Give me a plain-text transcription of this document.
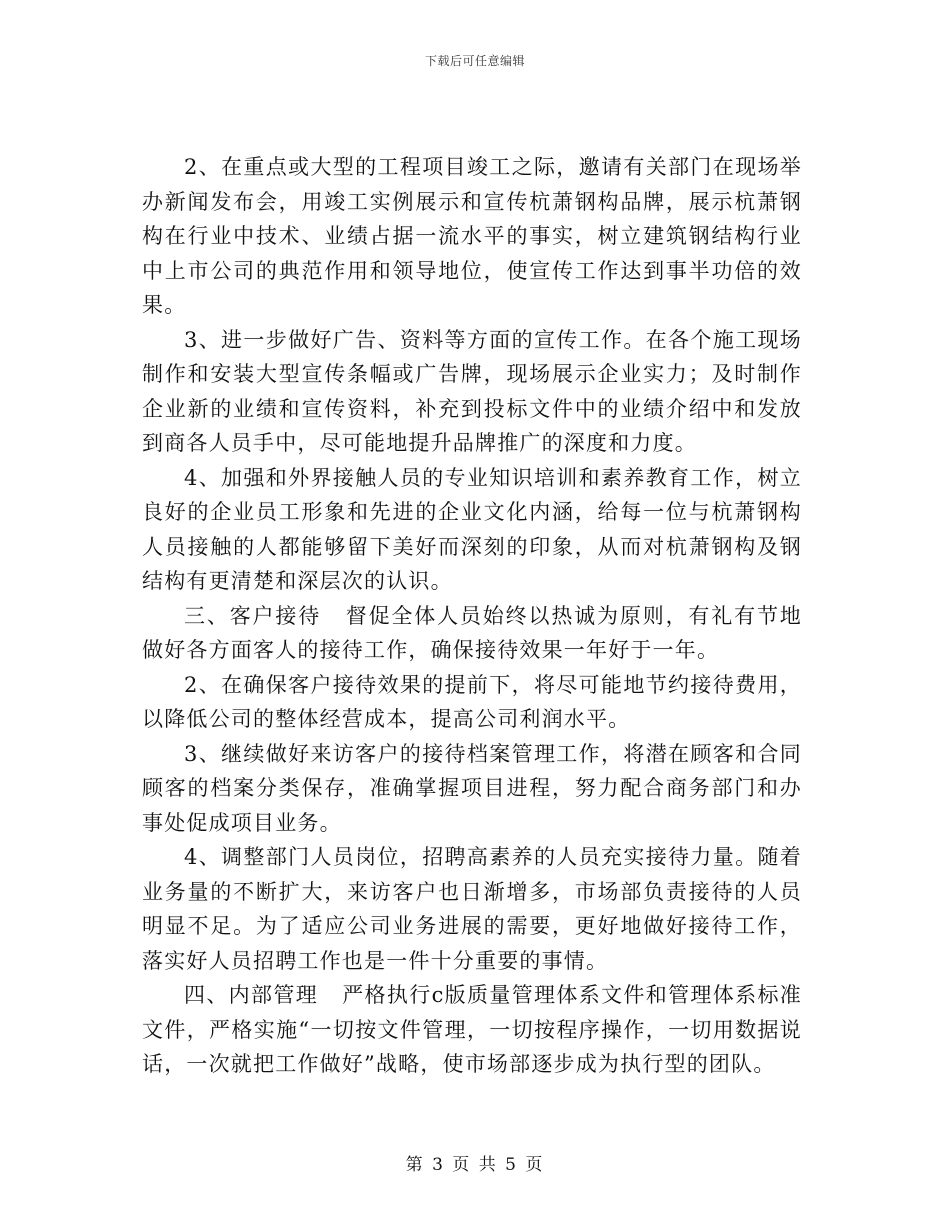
下载后可任意编辑

2、在重点或大型的工程项目竣工之际，邀请有关部门在现场举办新闻发布会，用竣工实例展示和宣传杭萧钢构品牌，展示杭萧钢构在行业中技术、业绩占据一流水平的事实，树立建筑钢结构行业中上市公司的典范作用和领导地位，使宣传工作达到事半功倍的效果。

3、进一步做好广告、资料等方面的宣传工作。在各个施工现场制作和安装大型宣传条幅或广告牌，现场展示企业实力；及时制作企业新的业绩和宣传资料，补充到投标文件中的业绩介绍中和发放到商各人员手中，尽可能地提升品牌推广的深度和力度。

4、加强和外界接触人员的专业知识培训和素养教育工作，树立良好的企业员工形象和先进的企业文化内涵，给每一位与杭萧钢构人员接触的人都能够留下美好而深刻的印象，从而对杭萧钢构及钢结构有更清楚和深层次的认识。

三、客户接待 督促全体人员始终以热诚为原则，有礼有节地做好各方面客人的接待工作，确保接待效果一年好于一年。

2、在确保客户接待效果的提前下，将尽可能地节约接待费用，以降低公司的整体经营成本，提高公司利润水平。

3、继续做好来访客户的接待档案管理工作，将潜在顾客和合同顾客的档案分类保存，准确掌握项目进程，努力配合商务部门和办事处促成项目业务。

4、调整部门人员岗位，招聘高素养的人员充实接待力量。随着业务量的不断扩大，来访客户也日渐增多，市场部负责接待的人员明显不足。为了适应公司业务进展的需要，更好地做好接待工作，落实好人员招聘工作也是一件十分重要的事情。

四、内部管理 严格执行c版质量管理体系文件和管理体系标准文件，严格实施“一切按文件管理，一切按程序操作，一切用数据说话，一次就把工作做好”战略，使市场部逐步成为执行型的团队。

第 3 页 共 5 页
